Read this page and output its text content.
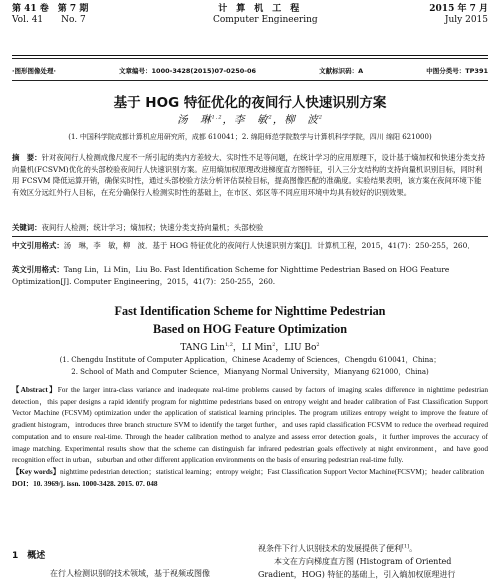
第 41 卷　第 7 期	计　算　机　工　程	2015 年 7 月
Vol. 41　　No. 7	Computer Engineering	July 2015
·图形图像处理·	文章编号：1000-3428(2015)07-0250-06	文献标识码：A	中图分类号：TP391
基于 HOG 特征优化的夜间行人快速识别方案
汤　琳$^{1,2}$，李　敏$^2$，柳　波$^2$
(1. 中国科学院成都计算机应用研究所，成都 610041；2. 绵阳师范学院数学与计算机科学学院，四川 绵阳 621000)
摘　要：针对夜间行人检测成像尺度不一所引起的类内方差较大、实时性不足等问题，在统计学习的应用原理下，设计基于熵加权和快速分类支持向量机(FCSVM)优化的头部校验夜间行人快速识别方案。应用熵加权原理改进梯度直方图特征，引入三分支结构的支持向量机识别目标，同时利用 FCSVM 降低运算开销，确保实时性，通过头部校验方法分析评估误检目标，提高图像匹配的准确度。实验结果表明，该方案在夜间环境下能有效区分远红外行人目标，在充分确保行人检测实时性的基础上，在市区、郊区等不同应用环境中均具有较好的识别效果。
关键词：夜间行人检测；统计学习；熵加权；快速分类支持向量机；头部校验
中文引用格式：汤　琳，李　敏，柳　波．基于 HOG 特征优化的夜间行人快速识别方案[J]．计算机工程，2015，41(7)：250-255，260．
英文引用格式：Tang Lin，Li Min，Liu Bo. Fast Identification Scheme for Nighttime Pedestrian Based on HOG Feature Optimization[J]. Computer Engineering，2015，41(7)：250-255，260.
Fast Identification Scheme for Nighttime Pedestrian
Based on HOG Feature Optimization
TANG Lin$^{1,2}$，LI Min$^2$，LIU Bo$^2$
(1. Chengdu Institute of Computer Application，Chinese Academy of Sciences，Chengdu 610041，China；
2. School of Math and Computer Science，Mianyang Normal University，Mianyang 621000，China)
【Abstract】For the larger intra-class variance and inadequate real-time problems caused by factors of imaging scales difference in nighttime pedestrian detection，this paper designs a rapid identify program for nighttime pedestrians based on entropy weight and header calibration of Fast Classification Support Vector Machine (FCSVM) optimization under the application of statistical learning principles. The program utilizes entropy weight to improve the feature of gradient histogram，introduces three branch structure SVM to identify the target further，and uses rapid classification FCSVM to reduce the overhead required computation and to ensure real-time. Through the header calibration method to analyze and assess error detection goals，it further improves the accuracy of image matching. Experimental results show that the scheme can distinguish far infrared pedestrian goals effectively at night environment，and have good recognition effect in urban，suburban and other different application environments on the basis of ensuring pedestrian real-time fully.
【Key words】nighttime pedestrian detection；statistical learning；entropy weight；Fast Classification Support Vector Machine(FCSVM)；header calibration
DOI：10. 3969/j. issn. 1000-3428. 2015. 07. 048
1　 概述
在行人检测识别的技术领域，基于视频或图像
视条件下行人识别技术的发展提供了便利[1]。
本文在方向梯度直方图 (Histogram of Oriented
Gradient，HOG) 特征的基础上，引入熵加权原理进行
